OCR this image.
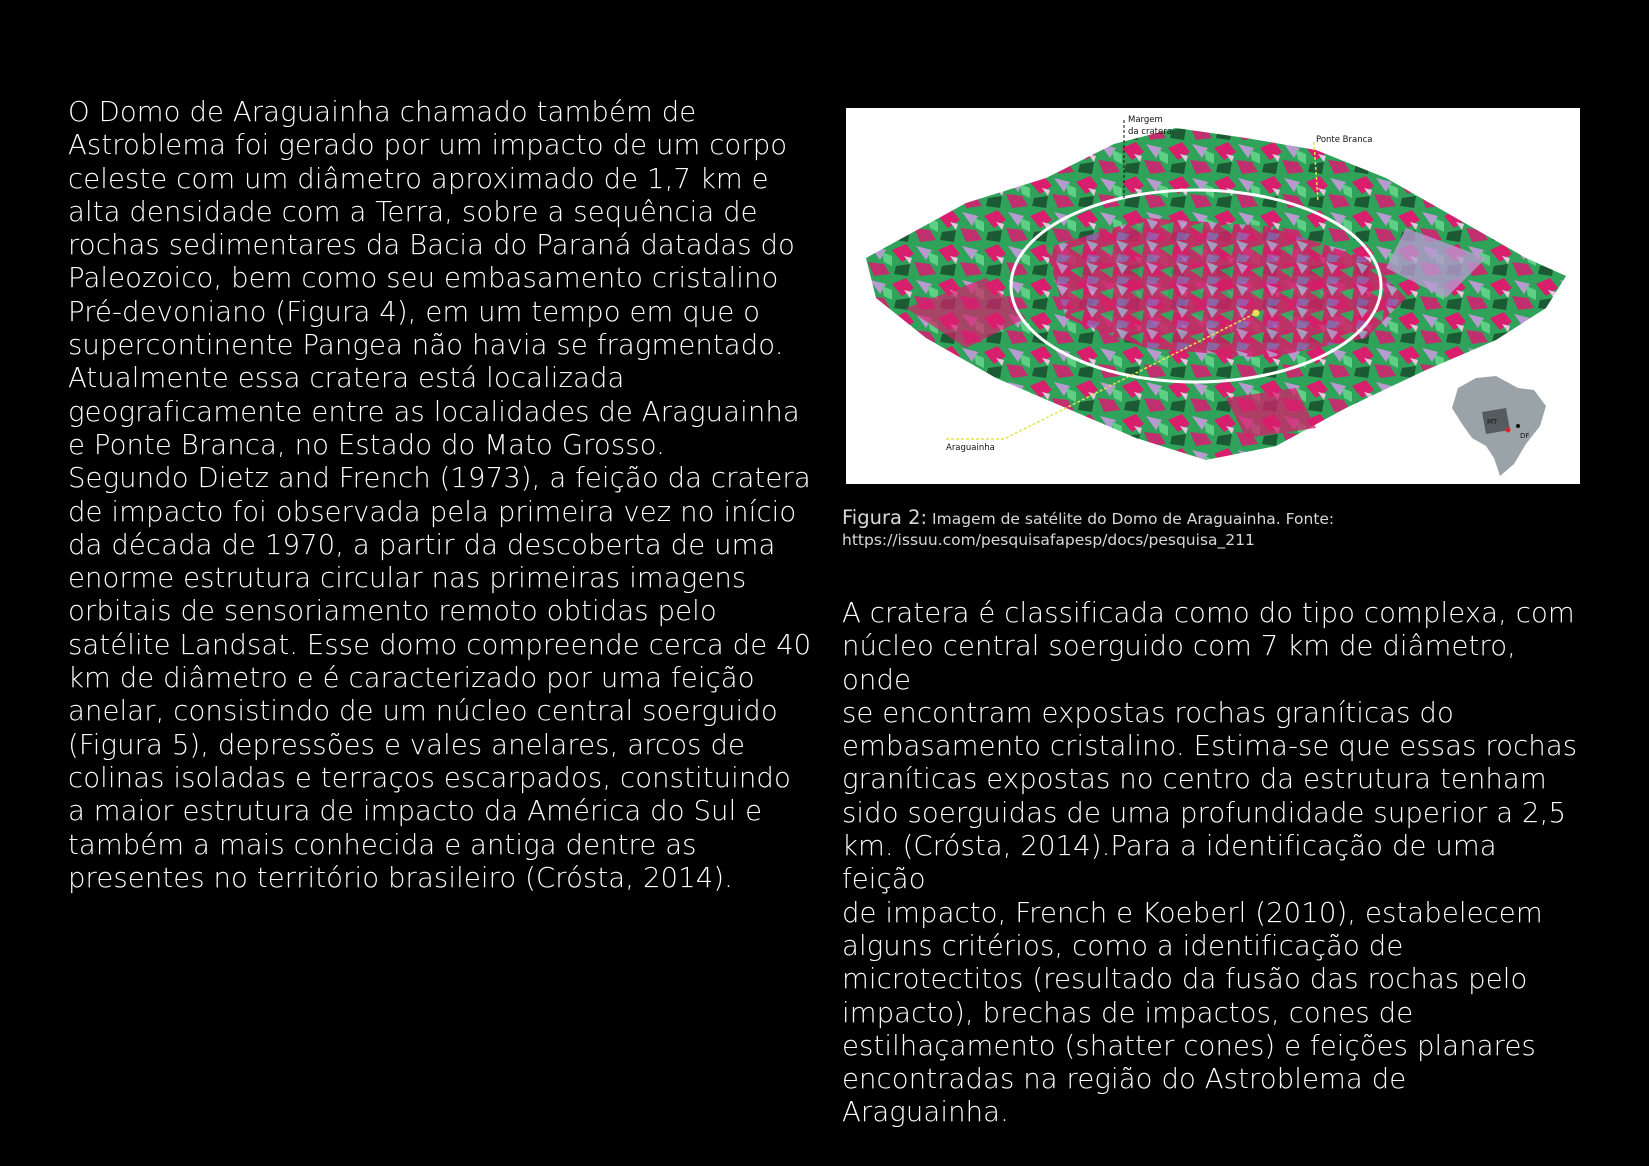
O Domo de Araguainha chamado também de
Astroblema foi gerado por um impacto de um corpo
celeste com um diâmetro aproximado de 1,7 km e
alta densidade com a Terra, sobre a sequência de
rochas sedimentares da Bacia do Paraná datadas do
Paleozoico, bem como seu embasamento cristalino
Pré-devoniano (Figura 4), em um tempo em que o
supercontinente Pangea não havia se fragmentado.
Atualmente essa cratera está localizada
geograficamente entre as localidades de Araguainha
e Ponte Branca, no Estado do Mato Grosso.
Segundo Dietz and French (1973), a feição da cratera
de impacto foi observada pela primeira vez no início
da década de 1970, a partir da descoberta de uma
enorme estrutura circular nas primeiras imagens
orbitais de sensoriamento remoto obtidas pelo
satélite Landsat. Esse domo compreende cerca de 40
km de diâmetro e é caracterizado por uma feição
anelar, consistindo de um núcleo central soerguido
(Figura 5), depressões e vales anelares, arcos de
colinas isoladas e terraços escarpados, constituindo
a maior estrutura de impacto da América do Sul e
também a mais conhecida e antiga dentre as
presentes no território brasileiro (Crósta, 2014).

Margem
da cratera
Ponte Branca
Araguainha
MT
DF

Figura 2: Imagem de satélite do Domo de Araguainha. Fonte:
https://issuu.com/pesquisafapesp/docs/pesquisa_211

A cratera é classificada como do tipo complexa, com
núcleo central soerguido com 7 km de diâmetro, onde
se encontram expostas rochas graníticas do
embasamento cristalino. Estima-se que essas rochas
graníticas expostas no centro da estrutura tenham
sido soerguidas de uma profundidade superior a 2,5
km. (Crósta, 2014).Para a identificação de uma feição
de impacto, French e Koeberl (2010), estabelecem
alguns critérios, como a identificação de
microtectitos (resultado da fusão das rochas pelo
impacto), brechas de impactos, cones de
estilhaçamento (shatter cones) e feições planares
encontradas na região do Astroblema de Araguainha.
